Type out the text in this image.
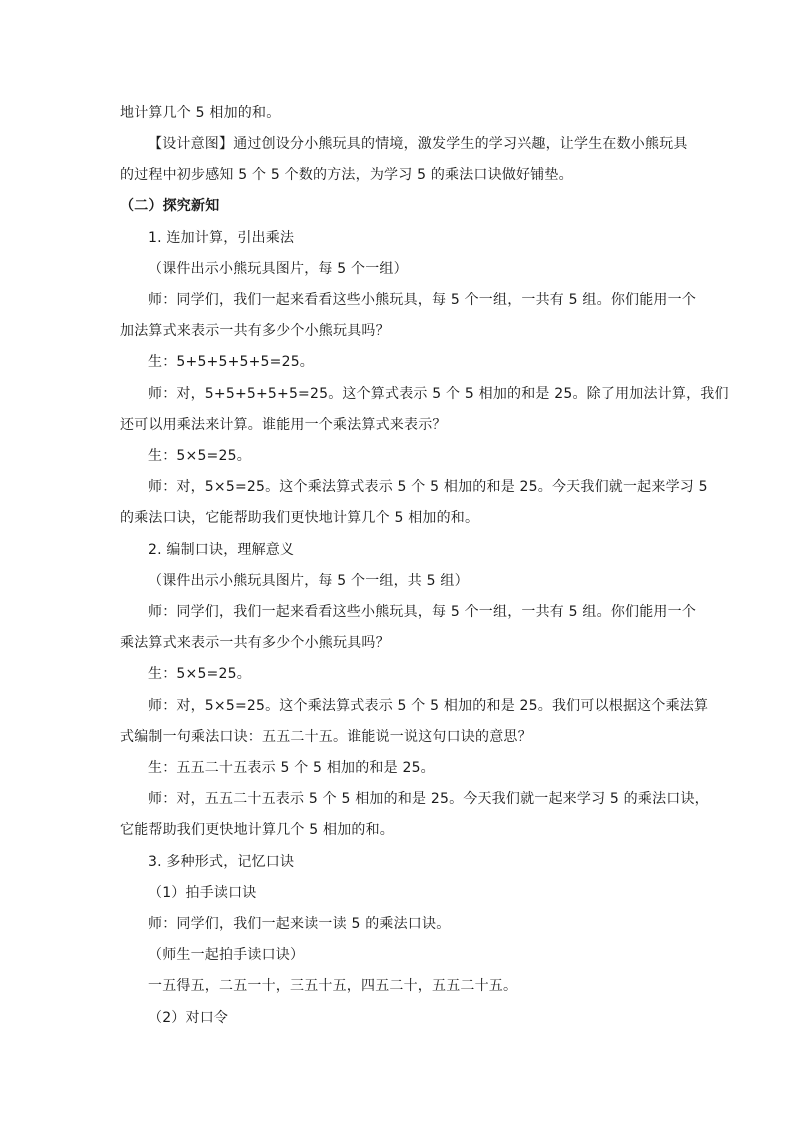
地计算几个 5 相加的和。
【设计意图】通过创设分小熊玩具的情境，激发学生的学习兴趣，让学生在数小熊玩具
的过程中初步感知 5 个 5 个数的方法，为学习 5 的乘法口诀做好铺垫。
（二）探究新知
1. 连加计算，引出乘法
（课件出示小熊玩具图片，每 5 个一组）
师：同学们，我们一起来看看这些小熊玩具，每 5 个一组，一共有 5 组。你们能用一个
加法算式来表示一共有多少个小熊玩具吗？
生：5+5+5+5+5=25。
师：对，5+5+5+5+5=25。这个算式表示 5 个 5 相加的和是 25。除了用加法计算，我们
还可以用乘法来计算。谁能用一个乘法算式来表示？
生：5×5=25。
师：对，5×5=25。这个乘法算式表示 5 个 5 相加的和是 25。今天我们就一起来学习 5
的乘法口诀，它能帮助我们更快地计算几个 5 相加的和。
2. 编制口诀，理解意义
（课件出示小熊玩具图片，每 5 个一组，共 5 组）
师：同学们，我们一起来看看这些小熊玩具，每 5 个一组，一共有 5 组。你们能用一个
乘法算式来表示一共有多少个小熊玩具吗？
生：5×5=25。
师：对，5×5=25。这个乘法算式表示 5 个 5 相加的和是 25。我们可以根据这个乘法算
式编制一句乘法口诀：五五二十五。谁能说一说这句口诀的意思？
生：五五二十五表示 5 个 5 相加的和是 25。
师：对，五五二十五表示 5 个 5 相加的和是 25。今天我们就一起来学习 5 的乘法口诀，
它能帮助我们更快地计算几个 5 相加的和。
3. 多种形式，记忆口诀
（1）拍手读口诀
师：同学们，我们一起来读一读 5 的乘法口诀。
（师生一起拍手读口诀）
一五得五，二五一十，三五十五，四五二十，五五二十五。
（2）对口令
